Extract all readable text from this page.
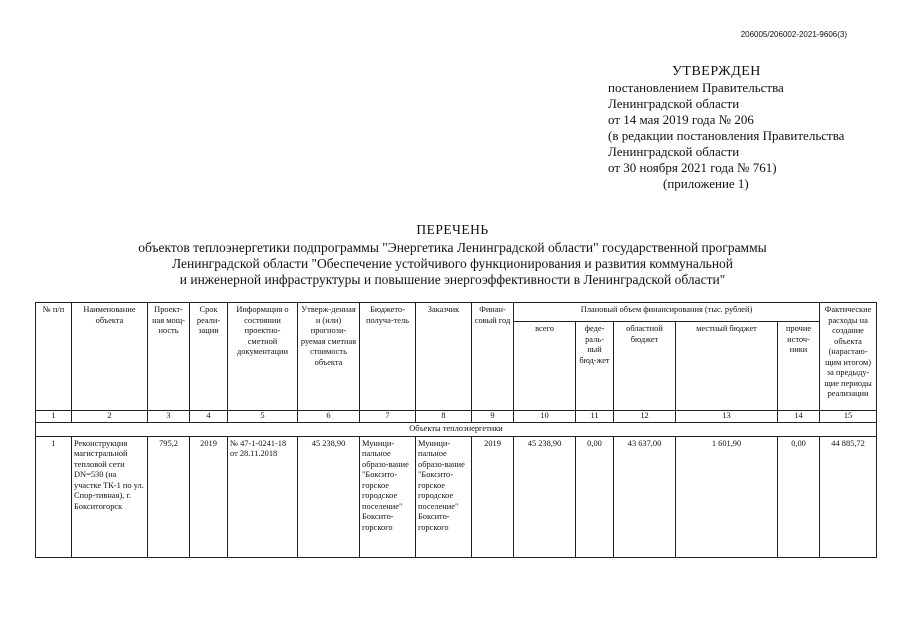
206005/206002-2021-9606(3)
УТВЕРЖДЕН
постановлением Правительства
Ленинградской области
от 14 мая 2019 года № 206
(в редакции постановления Правительства
Ленинградской области
от 30 ноября 2021 года № 761)
(приложение 1)
ПЕРЕЧЕНЬ
объектов теплоэнергетики подпрограммы "Энергетика Ленинградской области" государственной программы
Ленинградской области "Обеспечение устойчивого функционирования и развития коммунальной
и инженерной инфраструктуры и повышение энергоэффективности в Ленинградской области"
№ п/п	Наименование объекта	Проект-ная мощ-ность	Срок реали-зации	Информация о состоянии проектно-сметной документации	Утверж-денная и (или) прогнози-руемая сметная стоимость объекта	Бюджето-получа-тель	Заказчик	Финан-совый год	Плановый объем финансирования (тыс. рублей)					Фактические расходы на создание объекта (нарастаю-щим итогом) за предыду-щие периоды реализации
									всего	феде-раль-ный бюд-жет	областной бюджет	местный бюджет	прочие источ-ники	
1	2	3	4	5	6	7	8	9	10	11	12	13	14	15
Объекты теплоэнергетики														
1	Реконструкция магистральной тепловой сети DN=530 (на участке ТК-1 по ул. Спор-тивная), г. Бокситогорск	795,2	2019	№ 47-1-0241-18 от 28.11.2018	45 238,90	Муници-пальное образо-вание "Боксито-горское городское поселение" Боксито-горского	Муници-пальное образо-вание "Боксито-горское городское поселение" Боксито-горского	2019	45 238,90	0,00	43 637,00	1 601,90	0,00	44 885,72
